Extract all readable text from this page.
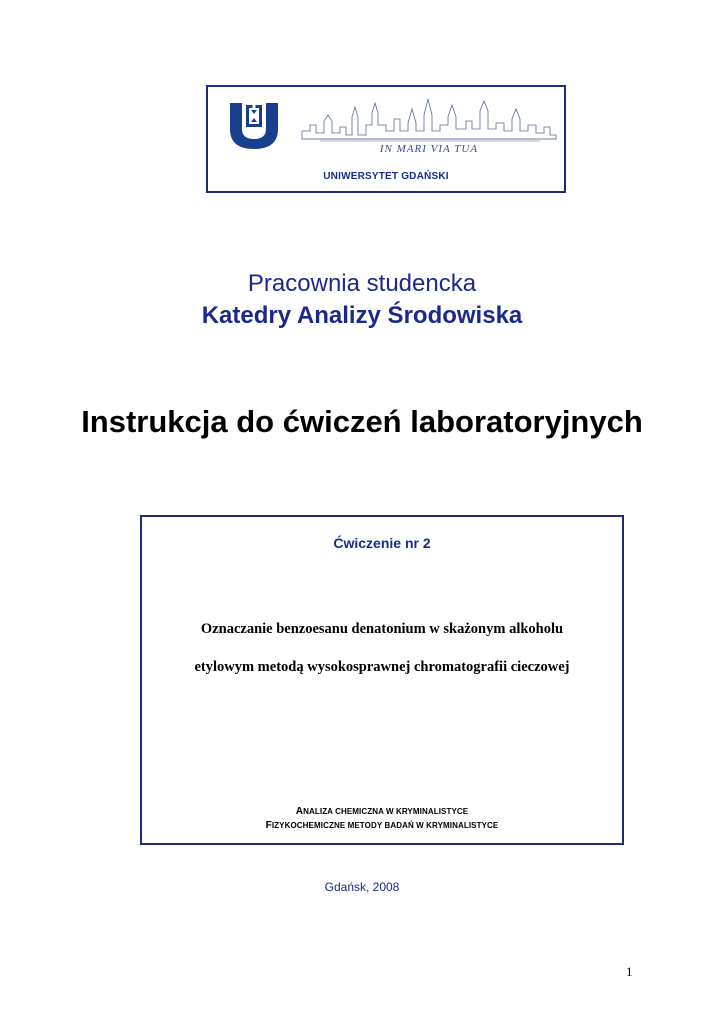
IN MARI VIA TUA
UNIWERSYTET GDAŃSKI
Pracownia studencka
Katedry Analizy Środowiska
Instrukcja do ćwiczeń laboratoryjnych
Ćwiczenie nr 2
Oznaczanie benzoesanu denatonium w skażonym alkoholu
etylowym metodą wysokosprawnej chromatografii cieczowej
ANALIZA CHEMICZNA W KRYMINALISTYCE
FIZYKOCHEMICZNE METODY BADAŃ W KRYMINALISTYCE
Gdańsk, 2008
1
